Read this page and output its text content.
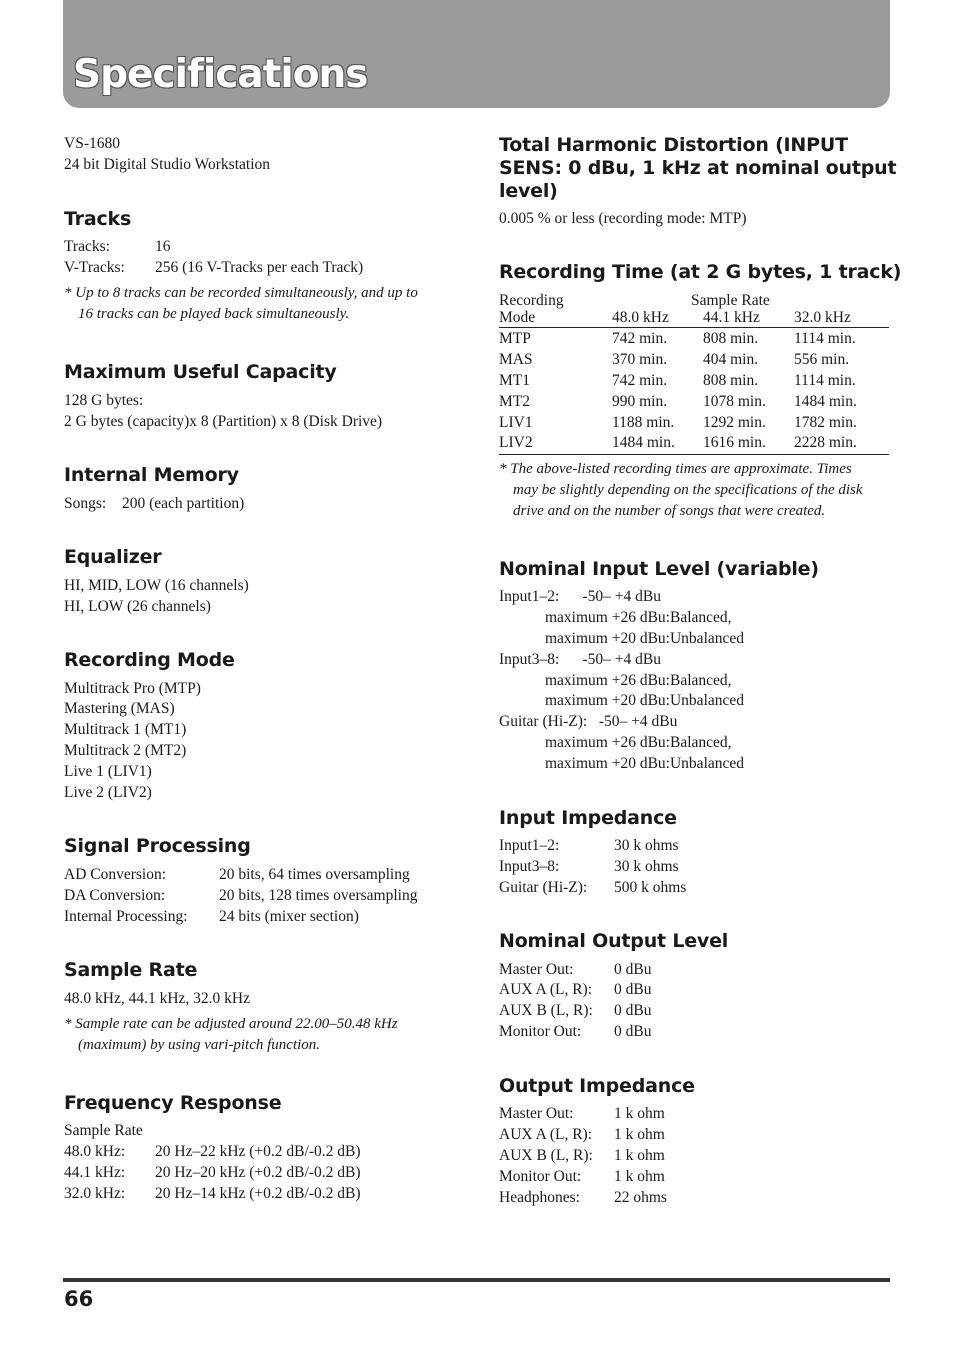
Specifications
VS-1680
24 bit Digital Studio Workstation
Tracks
Tracks:	16
V-Tracks: 256 (16 V-Tracks per each Track)
* Up to 8 tracks can be recorded simultaneously, and up to
16 tracks can be played back simultaneously.
Maximum Useful Capacity
128 G bytes:
2 G bytes (capacity)x 8 (Partition) x 8 (Disk Drive)
Internal Memory
Songs: 200 (each partition)
Equalizer
HI, MID, LOW (16 channels)
HI, LOW (26 channels)
Recording Mode
Multitrack Pro (MTP)
Mastering (MAS)
Multitrack 1 (MT1)
Multitrack 2 (MT2)
Live 1 (LIV1)
Live 2 (LIV2)
Signal Processing
AD Conversion:	20 bits, 64 times oversampling
DA Conversion:	20 bits, 128 times oversampling
Internal Processing: 24 bits (mixer section)
Sample Rate
48.0 kHz, 44.1 kHz, 32.0 kHz
* Sample rate can be adjusted around 22.00–50.48 kHz
(maximum) by using vari-pitch function.
Frequency Response
Sample Rate
48.0 kHz: 20 Hz–22 kHz (+0.2 dB/-0.2 dB)
44.1 kHz: 20 Hz–20 kHz (+0.2 dB/-0.2 dB)
32.0 kHz: 20 Hz–14 kHz (+0.2 dB/-0.2 dB)
Total Harmonic Distortion (INPUT
SENS: 0 dBu, 1 kHz at nominal output
level)
0.005 % or less (recording mode: MTP)
Recording Time (at 2 G bytes, 1 track)
Recording	Sample Rate
Mode	48.0 kHz 44.1 kHz 32.0 kHz
MTP	742 min. 808 min. 1114 min.
MAS	370 min. 404 min. 556 min.
MT1	742 min. 808 min. 1114 min.
MT2	990 min. 1078 min. 1484 min.
LIV1	1188 min. 1292 min. 1782 min.
LIV2	1484 min. 1616 min. 2228 min.
* The above-listed recording times are approximate. Times
may be slightly depending on the specifications of the disk
drive and on the number of songs that were created.
Nominal Input Level (variable)
Input1–2:      -50– +4 dBu
maximum +26 dBu:Balanced,
maximum +20 dBu:Unbalanced
Input3–8:      -50– +4 dBu
maximum +26 dBu:Balanced,
maximum +20 dBu:Unbalanced
Guitar (Hi-Z):   -50– +4 dBu
maximum +26 dBu:Balanced,
maximum +20 dBu:Unbalanced
Input Impedance
Input1–2:	30 k ohms
Input3–8:	30 k ohms
Guitar (Hi-Z): 500 k ohms
Nominal Output Level
Master Out:	0 dBu
AUX A (L, R): 0 dBu
AUX B (L, R): 0 dBu
Monitor Out: 0 dBu
Output Impedance
Master Out:	1 k ohm
AUX A (L, R): 1 k ohm
AUX B (L, R): 1 k ohm
Monitor Out: 1 k ohm
Headphones: 22 ohms
66
